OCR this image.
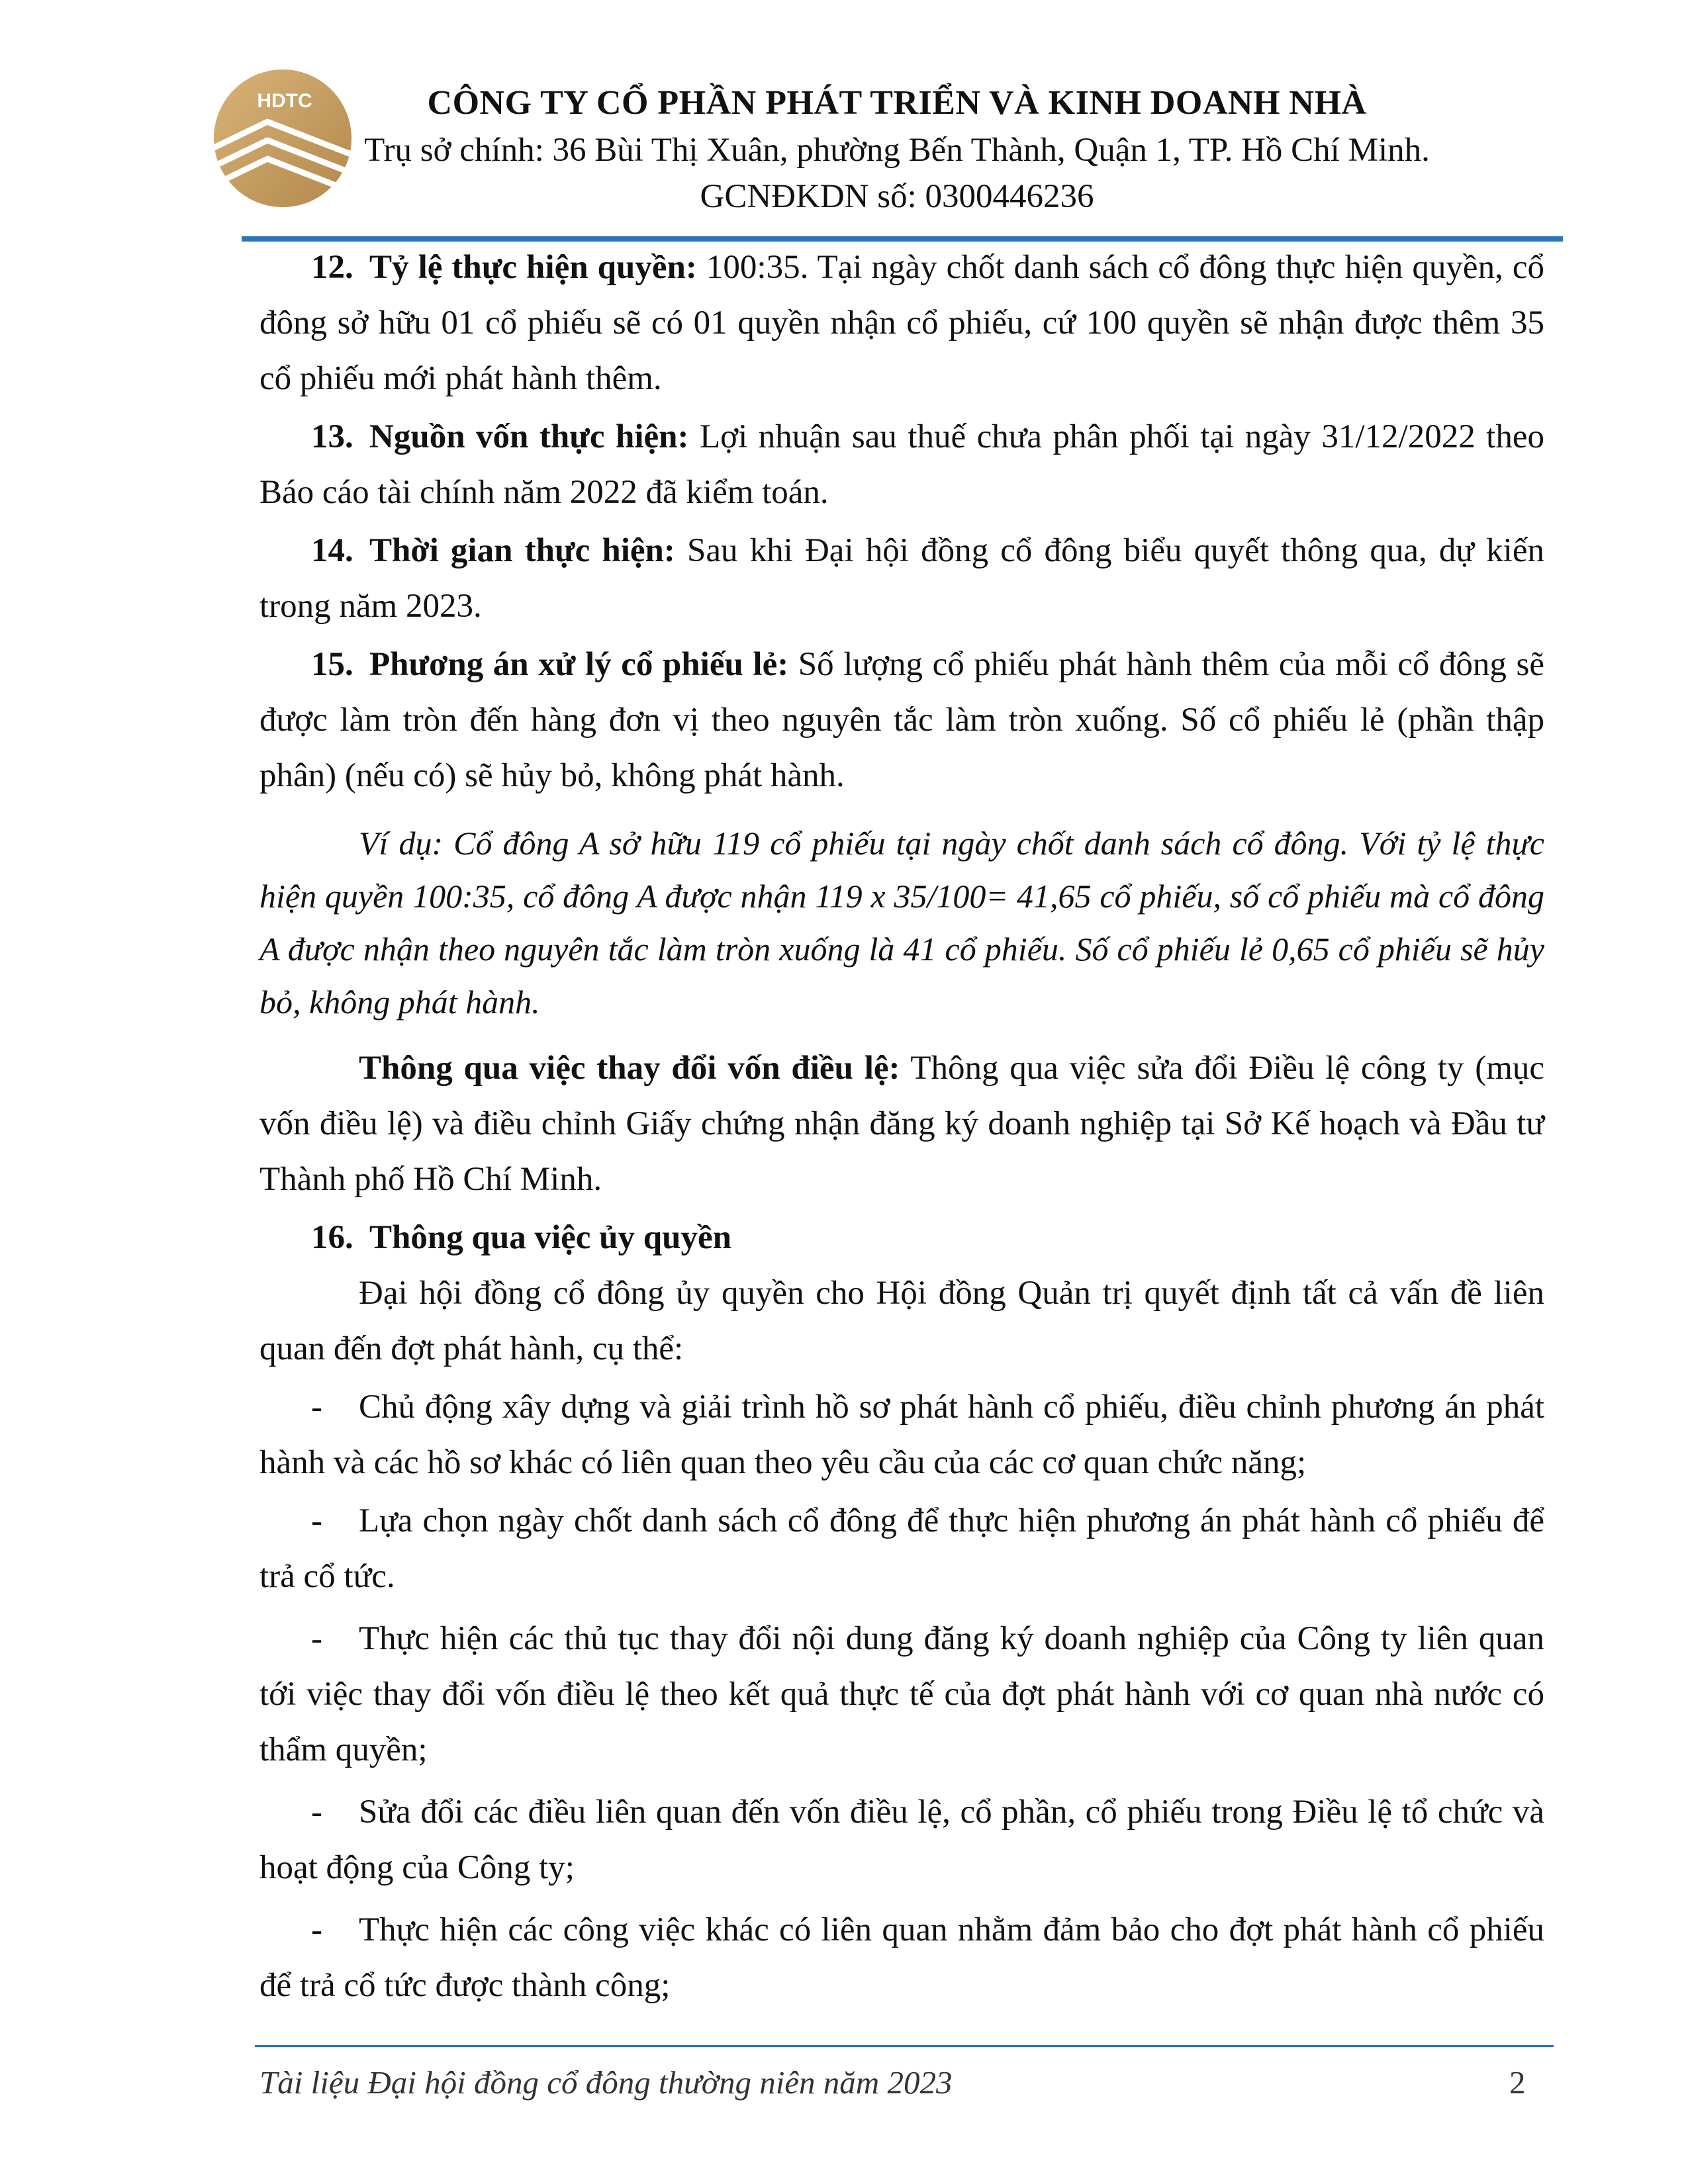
HDTC	CÔNG TY CỔ PHẦN PHÁT TRIỂN VÀ KINH DOANH NHÀ

Trụ sở chính: 36 Bùi Thị Xuân, phường Bến Thành, Quận 1, TP. Hồ Chí Minh.

GCNĐKDN số: 0300446236

12. Tỷ lệ thực hiện quyền: 100:35. Tại ngày chốt danh sách cổ đông thực hiện quyền, cổ đông sở hữu 01 cổ phiếu sẽ có 01 quyền nhận cổ phiếu, cứ 100 quyền sẽ nhận được thêm 35 cổ phiếu mới phát hành thêm.

13. Nguồn vốn thực hiện: Lợi nhuận sau thuế chưa phân phối tại ngày 31/12/2022 theo Báo cáo tài chính năm 2022 đã kiểm toán.

14. Thời gian thực hiện: Sau khi Đại hội đồng cổ đông biểu quyết thông qua, dự kiến trong năm 2023.

15. Phương án xử lý cổ phiếu lẻ: Số lượng cổ phiếu phát hành thêm của mỗi cổ đông sẽ được làm tròn đến hàng đơn vị theo nguyên tắc làm tròn xuống. Số cổ phiếu lẻ (phần thập phân) (nếu có) sẽ hủy bỏ, không phát hành.

Ví dụ: Cổ đông A sở hữu 119 cổ phiếu tại ngày chốt danh sách cổ đông. Với tỷ lệ thực hiện quyền 100:35, cổ đông A được nhận 119 x 35/100= 41,65 cổ phiếu, số cổ phiếu mà cổ đông A được nhận theo nguyên tắc làm tròn xuống là 41 cổ phiếu. Số cổ phiếu lẻ 0,65 cổ phiếu sẽ hủy bỏ, không phát hành.

Thông qua việc thay đổi vốn điều lệ: Thông qua việc sửa đổi Điều lệ công ty (mục vốn điều lệ) và điều chỉnh Giấy chứng nhận đăng ký doanh nghiệp tại Sở Kế hoạch và Đầu tư Thành phố Hồ Chí Minh.

16. Thông qua việc ủy quyền

Đại hội đồng cổ đông ủy quyền cho Hội đồng Quản trị quyết định tất cả vấn đề liên quan đến đợt phát hành, cụ thể:

- Chủ động xây dựng và giải trình hồ sơ phát hành cổ phiếu, điều chỉnh phương án phát hành và các hồ sơ khác có liên quan theo yêu cầu của các cơ quan chức năng;

- Lựa chọn ngày chốt danh sách cổ đông để thực hiện phương án phát hành cổ phiếu để trả cổ tức.

- Thực hiện các thủ tục thay đổi nội dung đăng ký doanh nghiệp của Công ty liên quan tới việc thay đổi vốn điều lệ theo kết quả thực tế của đợt phát hành với cơ quan nhà nước có thẩm quyền;

- Sửa đổi các điều liên quan đến vốn điều lệ, cổ phần, cổ phiếu trong Điều lệ tổ chức và hoạt động của Công ty;

- Thực hiện các công việc khác có liên quan nhằm đảm bảo cho đợt phát hành cổ phiếu để trả cổ tức được thành công;

Tài liệu Đại hội đồng cổ đông thường niên năm 2023	2
